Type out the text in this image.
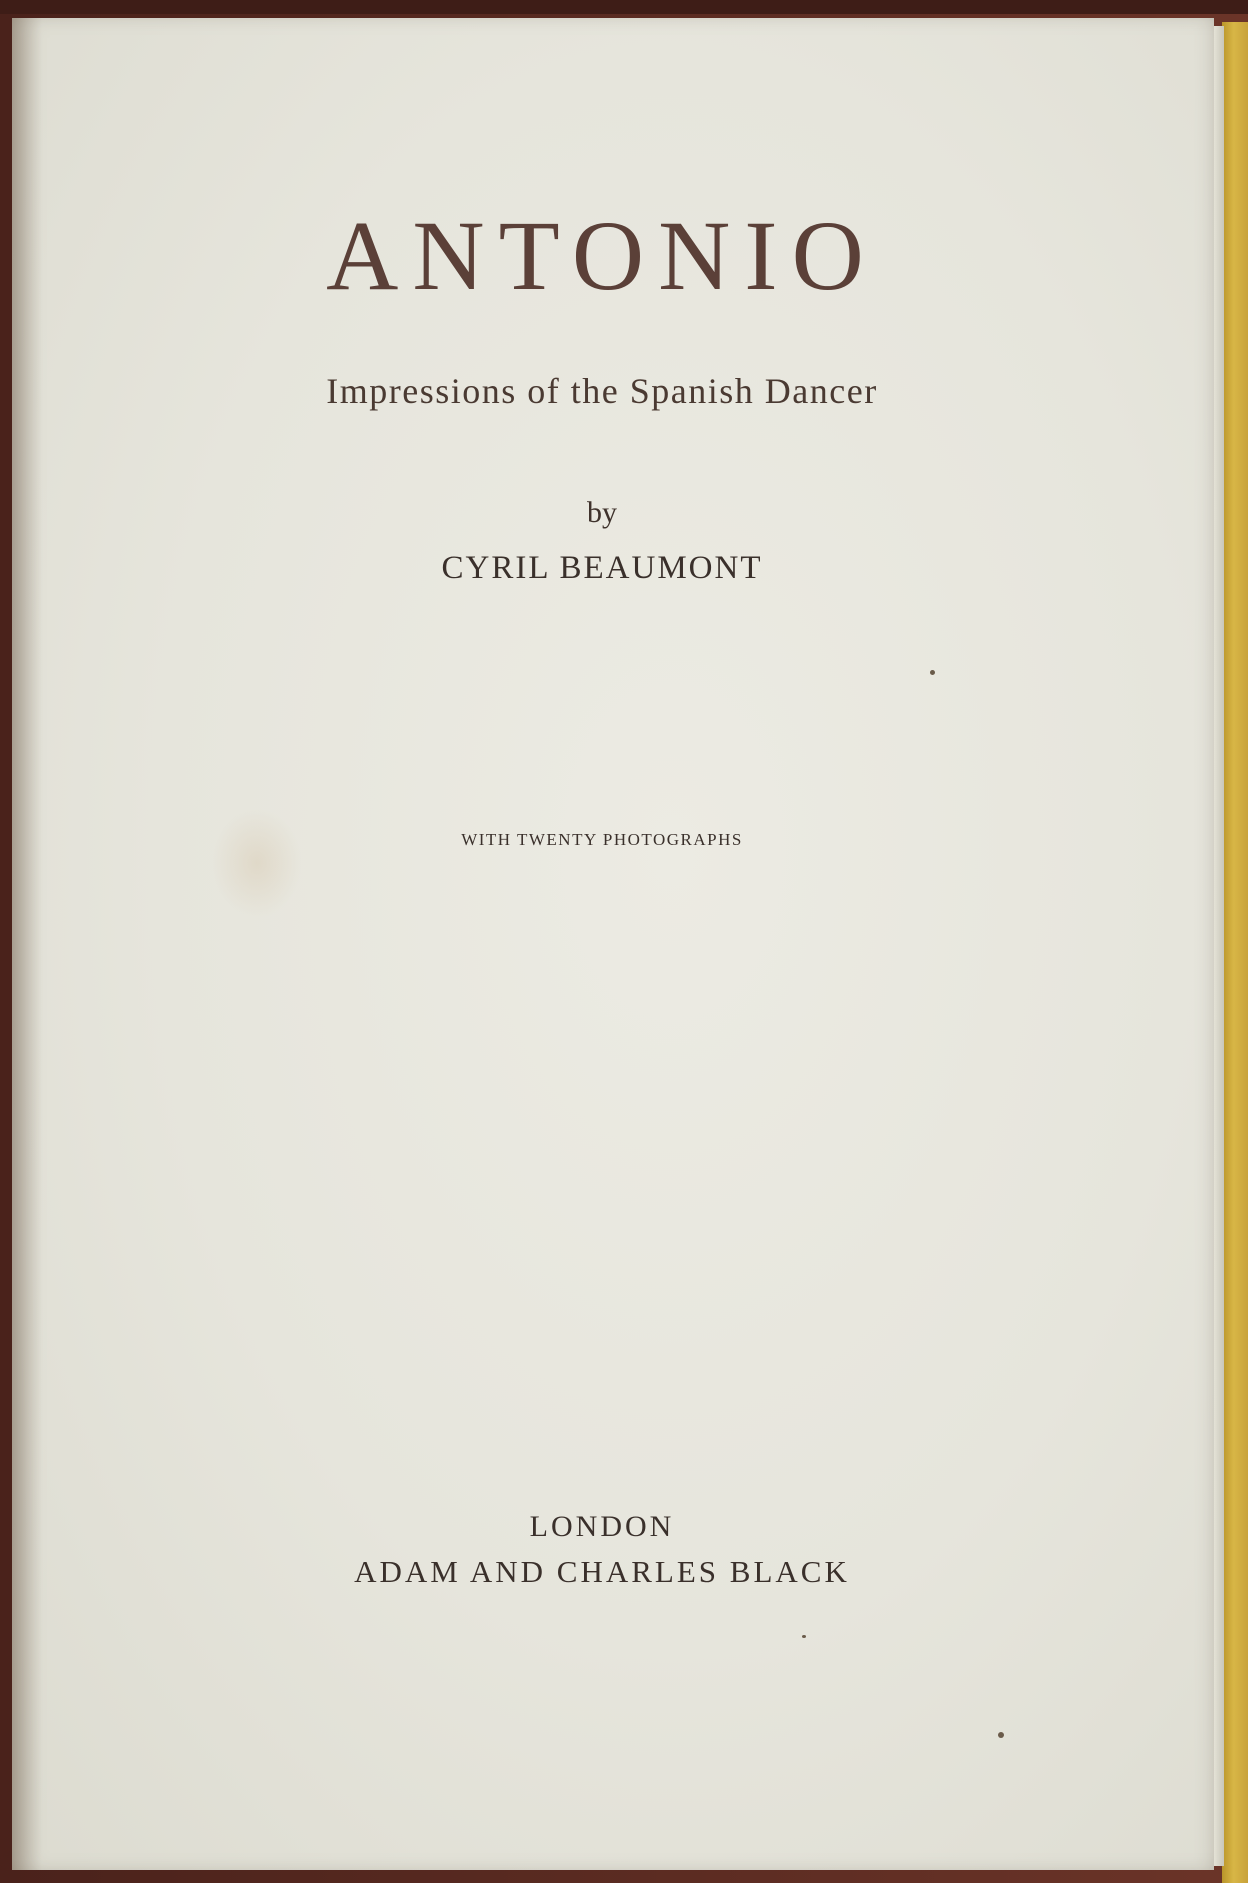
ANTONIO
Impressions of the Spanish Dancer
by
CYRIL BEAUMONT
WITH TWENTY PHOTOGRAPHS
LONDON
ADAM AND CHARLES BLACK
